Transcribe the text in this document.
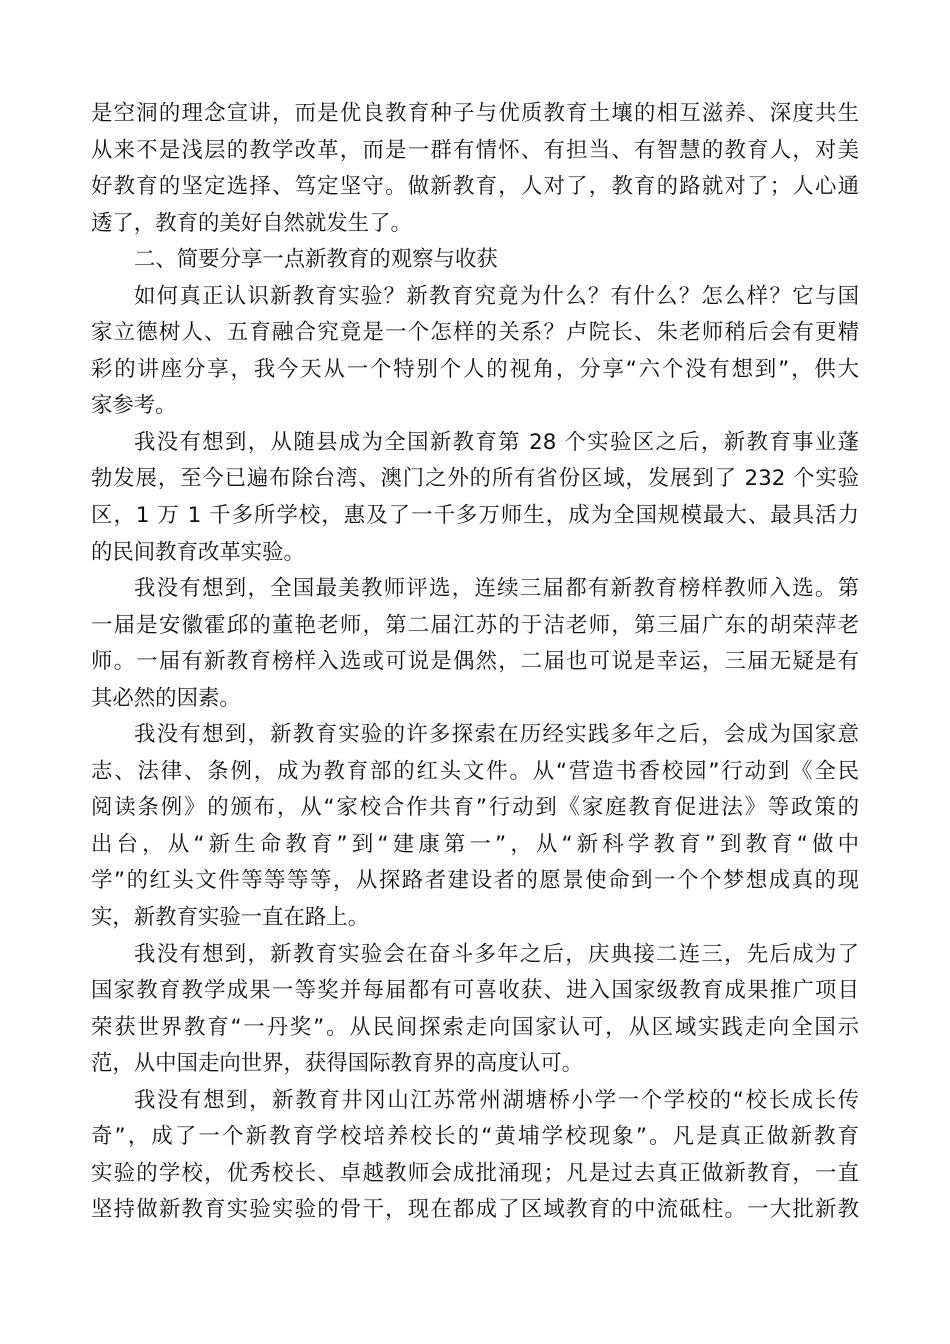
是空洞的理念宣讲，而是优良教育种子与优质教育土壤的相互滋养、深度共生
从来不是浅层的教学改革，而是一群有情怀、有担当、有智慧的教育人，对美
好教育的坚定选择、笃定坚守。做新教育，人对了，教育的路就对了；人心通
透了，教育的美好自然就发生了。
二、简要分享一点新教育的观察与收获
如何真正认识新教育实验？新教育究竟为什么？有什么？怎么样？它与国
家立德树人、五育融合究竟是一个怎样的关系？卢院长、朱老师稍后会有更精
彩的讲座分享，我今天从一个特别个人的视角，分享“六个没有想到”，供大
家参考。
我没有想到，从随县成为全国新教育第 28 个实验区之后，新教育事业蓬
勃发展，至今已遍布除台湾、澳门之外的所有省份区域，发展到了 232 个实验
区，1 万 1 千多所学校，惠及了一千多万师生，成为全国规模最大、最具活力
的民间教育改革实验。
我没有想到，全国最美教师评选，连续三届都有新教育榜样教师入选。第
一届是安徽霍邱的董艳老师，第二届江苏的于洁老师，第三届广东的胡荣萍老
师。一届有新教育榜样入选或可说是偶然，二届也可说是幸运，三届无疑是有
其必然的因素。
我没有想到，新教育实验的许多探索在历经实践多年之后，会成为国家意
志、法律、条例，成为教育部的红头文件。从“营造书香校园”行动到《全民
阅读条例》的颁布，从“家校合作共育”行动到《家庭教育促进法》等政策的
出台，从“新生命教育”到“建康第一”，从“新科学教育”到教育“做中
学”的红头文件等等等等，从探路者建设者的愿景使命到一个个梦想成真的现
实，新教育实验一直在路上。
我没有想到，新教育实验会在奋斗多年之后，庆典接二连三，先后成为了
国家教育教学成果一等奖并每届都有可喜收获、进入国家级教育成果推广项目
荣获世界教育“一丹奖”。从民间探索走向国家认可，从区域实践走向全国示
范，从中国走向世界，获得国际教育界的高度认可。
我没有想到，新教育井冈山江苏常州湖塘桥小学一个学校的“校长成长传
奇”，成了一个新教育学校培养校长的“黄埔学校现象”。凡是真正做新教育
实验的学校，优秀校长、卓越教师会成批涌现；凡是过去真正做新教育，一直
坚持做新教育实验实验的骨干，现在都成了区域教育的中流砥柱。一大批新教
